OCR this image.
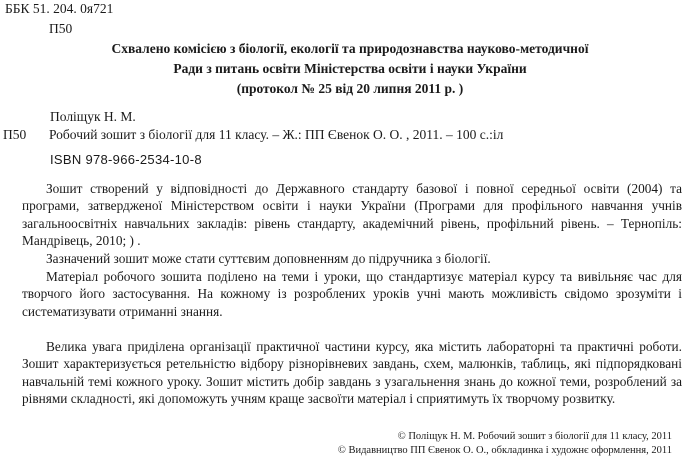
ББК 51. 204. 0я721
П50
Схвалено комісією з біології, екології та природознавства науково-методичної
Ради з питань освіти Міністерства освіти і науки України
(протокол № 25 від 20 липня 2011 р. )
Поліщук Н. М.
П50 Робочий зошит з біології для 11 класу. – Ж.: ПП Євенок О. О. , 2011. – 100 с.:іл
ISBN 978-966-2534-10-8
Зошит створений у відповідності до Державного стандарту базової і повної середньої освіти (2004) та програми, затвердженої Міністерством освіти і науки України (Програми для профільного навчання учнів загальноосвітніх навчальних закладів: рівень стандарту, академічний рівень, профільний рівень. – Тернопіль: Мандрівець, 2010; ) .
Зазначений зошит може стати суттєвим доповненням до підручника з біології.
Матеріал робочого зошита поділено на теми і уроки, що стандартизує матеріал курсу та вивільняє час для творчого його застосування. На кожному із розроблених уроків учні мають можливість свідомо зрозуміти і систематизувати отриманні знання.
Велика увага приділена організації практичної частини курсу, яка містить лабораторні та практичні роботи. Зошит характеризується ретельністю відбору різнорівневих завдань, схем, малюнків, таблиць, які підпорядковані навчальній темі кожного уроку. Зошит містить добір завдань з узагальнення знань до кожної теми, розроблений за рівнями складності, які допоможуть учням краще засвоїти матеріал і сприятимуть їх творчому розвитку.
© Поліщук Н. М. Робочий зошит з біології для 11 класу, 2011
© Видавництво ПП Євенок О. О., обкладинка і художнє оформлення, 2011
